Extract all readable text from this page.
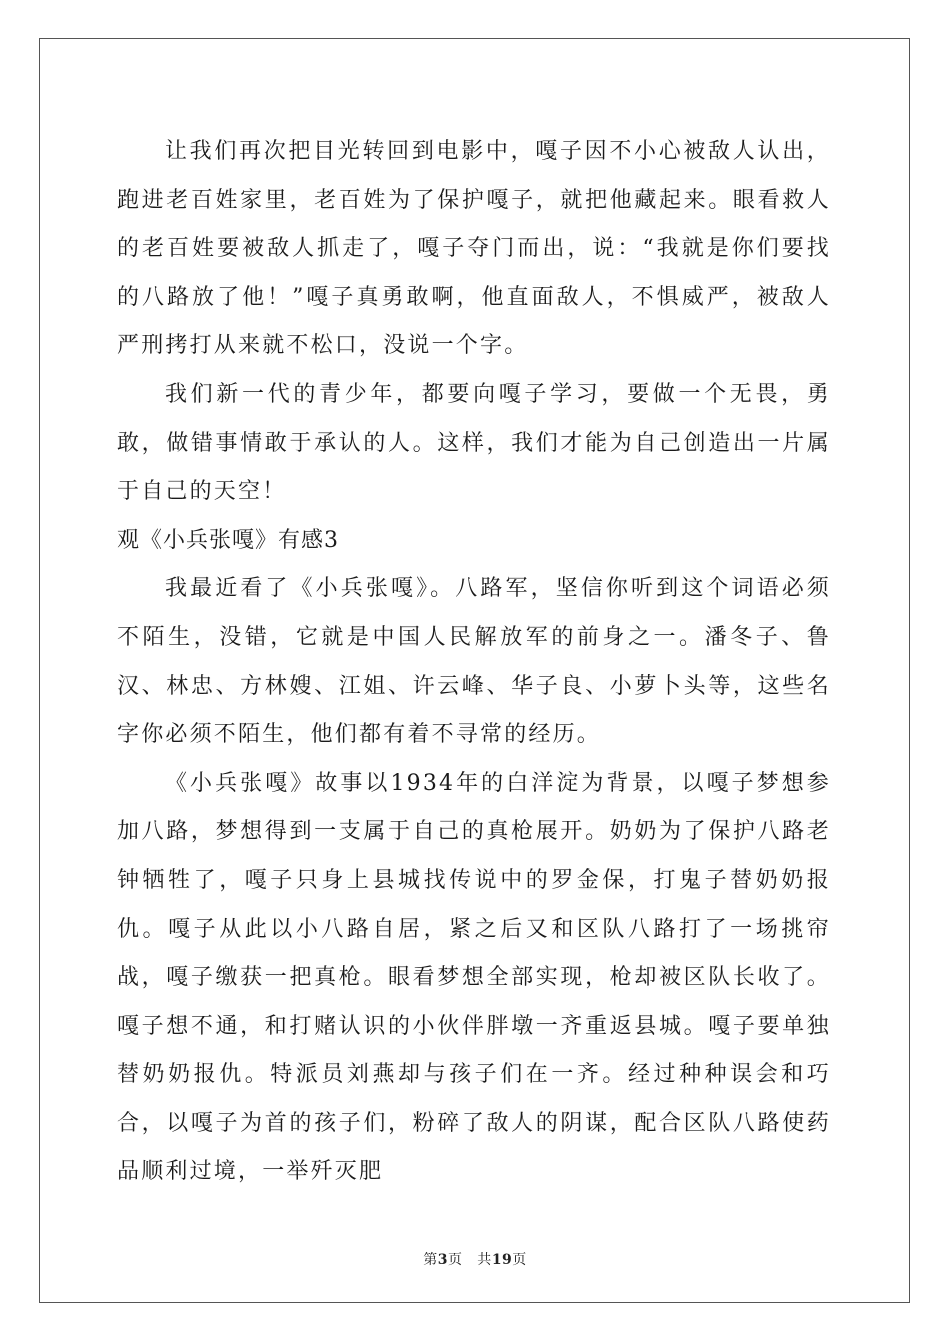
让我们再次把目光转回到电影中，嘎子因不小心被敌人认出，跑进老百姓家里，老百姓为了保护嘎子，就把他藏起来。眼看救人的老百姓要被敌人抓走了，嘎子夺门而出，说：“我就是你们要找的八路放了他！”嘎子真勇敢啊，他直面敌人，不惧威严，被敌人严刑拷打从来就不松口，没说一个字。

我们新一代的青少年，都要向嘎子学习，要做一个无畏，勇敢，做错事情敢于承认的人。这样，我们才能为自己创造出一片属于自己的天空！

观《小兵张嘎》有感3

我最近看了《小兵张嘎》。八路军，坚信你听到这个词语必须不陌生，没错，它就是中国人民解放军的前身之一。潘冬子、鲁汉、林忠、方林嫂、江姐、许云峰、华子良、小萝卜头等，这些名字你必须不陌生，他们都有着不寻常的经历。

《小兵张嘎》故事以1934年的白洋淀为背景，以嘎子梦想参加八路，梦想得到一支属于自己的真枪展开。奶奶为了保护八路老钟牺牲了，嘎子只身上县城找传说中的罗金保，打鬼子替奶奶报仇。嘎子从此以小八路自居，紧之后又和区队八路打了一场挑帘战，嘎子缴获一把真枪。眼看梦想全部实现，枪却被区队长收了。嘎子想不通，和打赌认识的小伙伴胖墩一齐重返县城。嘎子要单独替奶奶报仇。特派员刘燕却与孩子们在一齐。经过种种误会和巧合，以嘎子为首的孩子们，粉碎了敌人的阴谋，配合区队八路使药品顺利过境，一举歼灭肥

第3页   共19页
